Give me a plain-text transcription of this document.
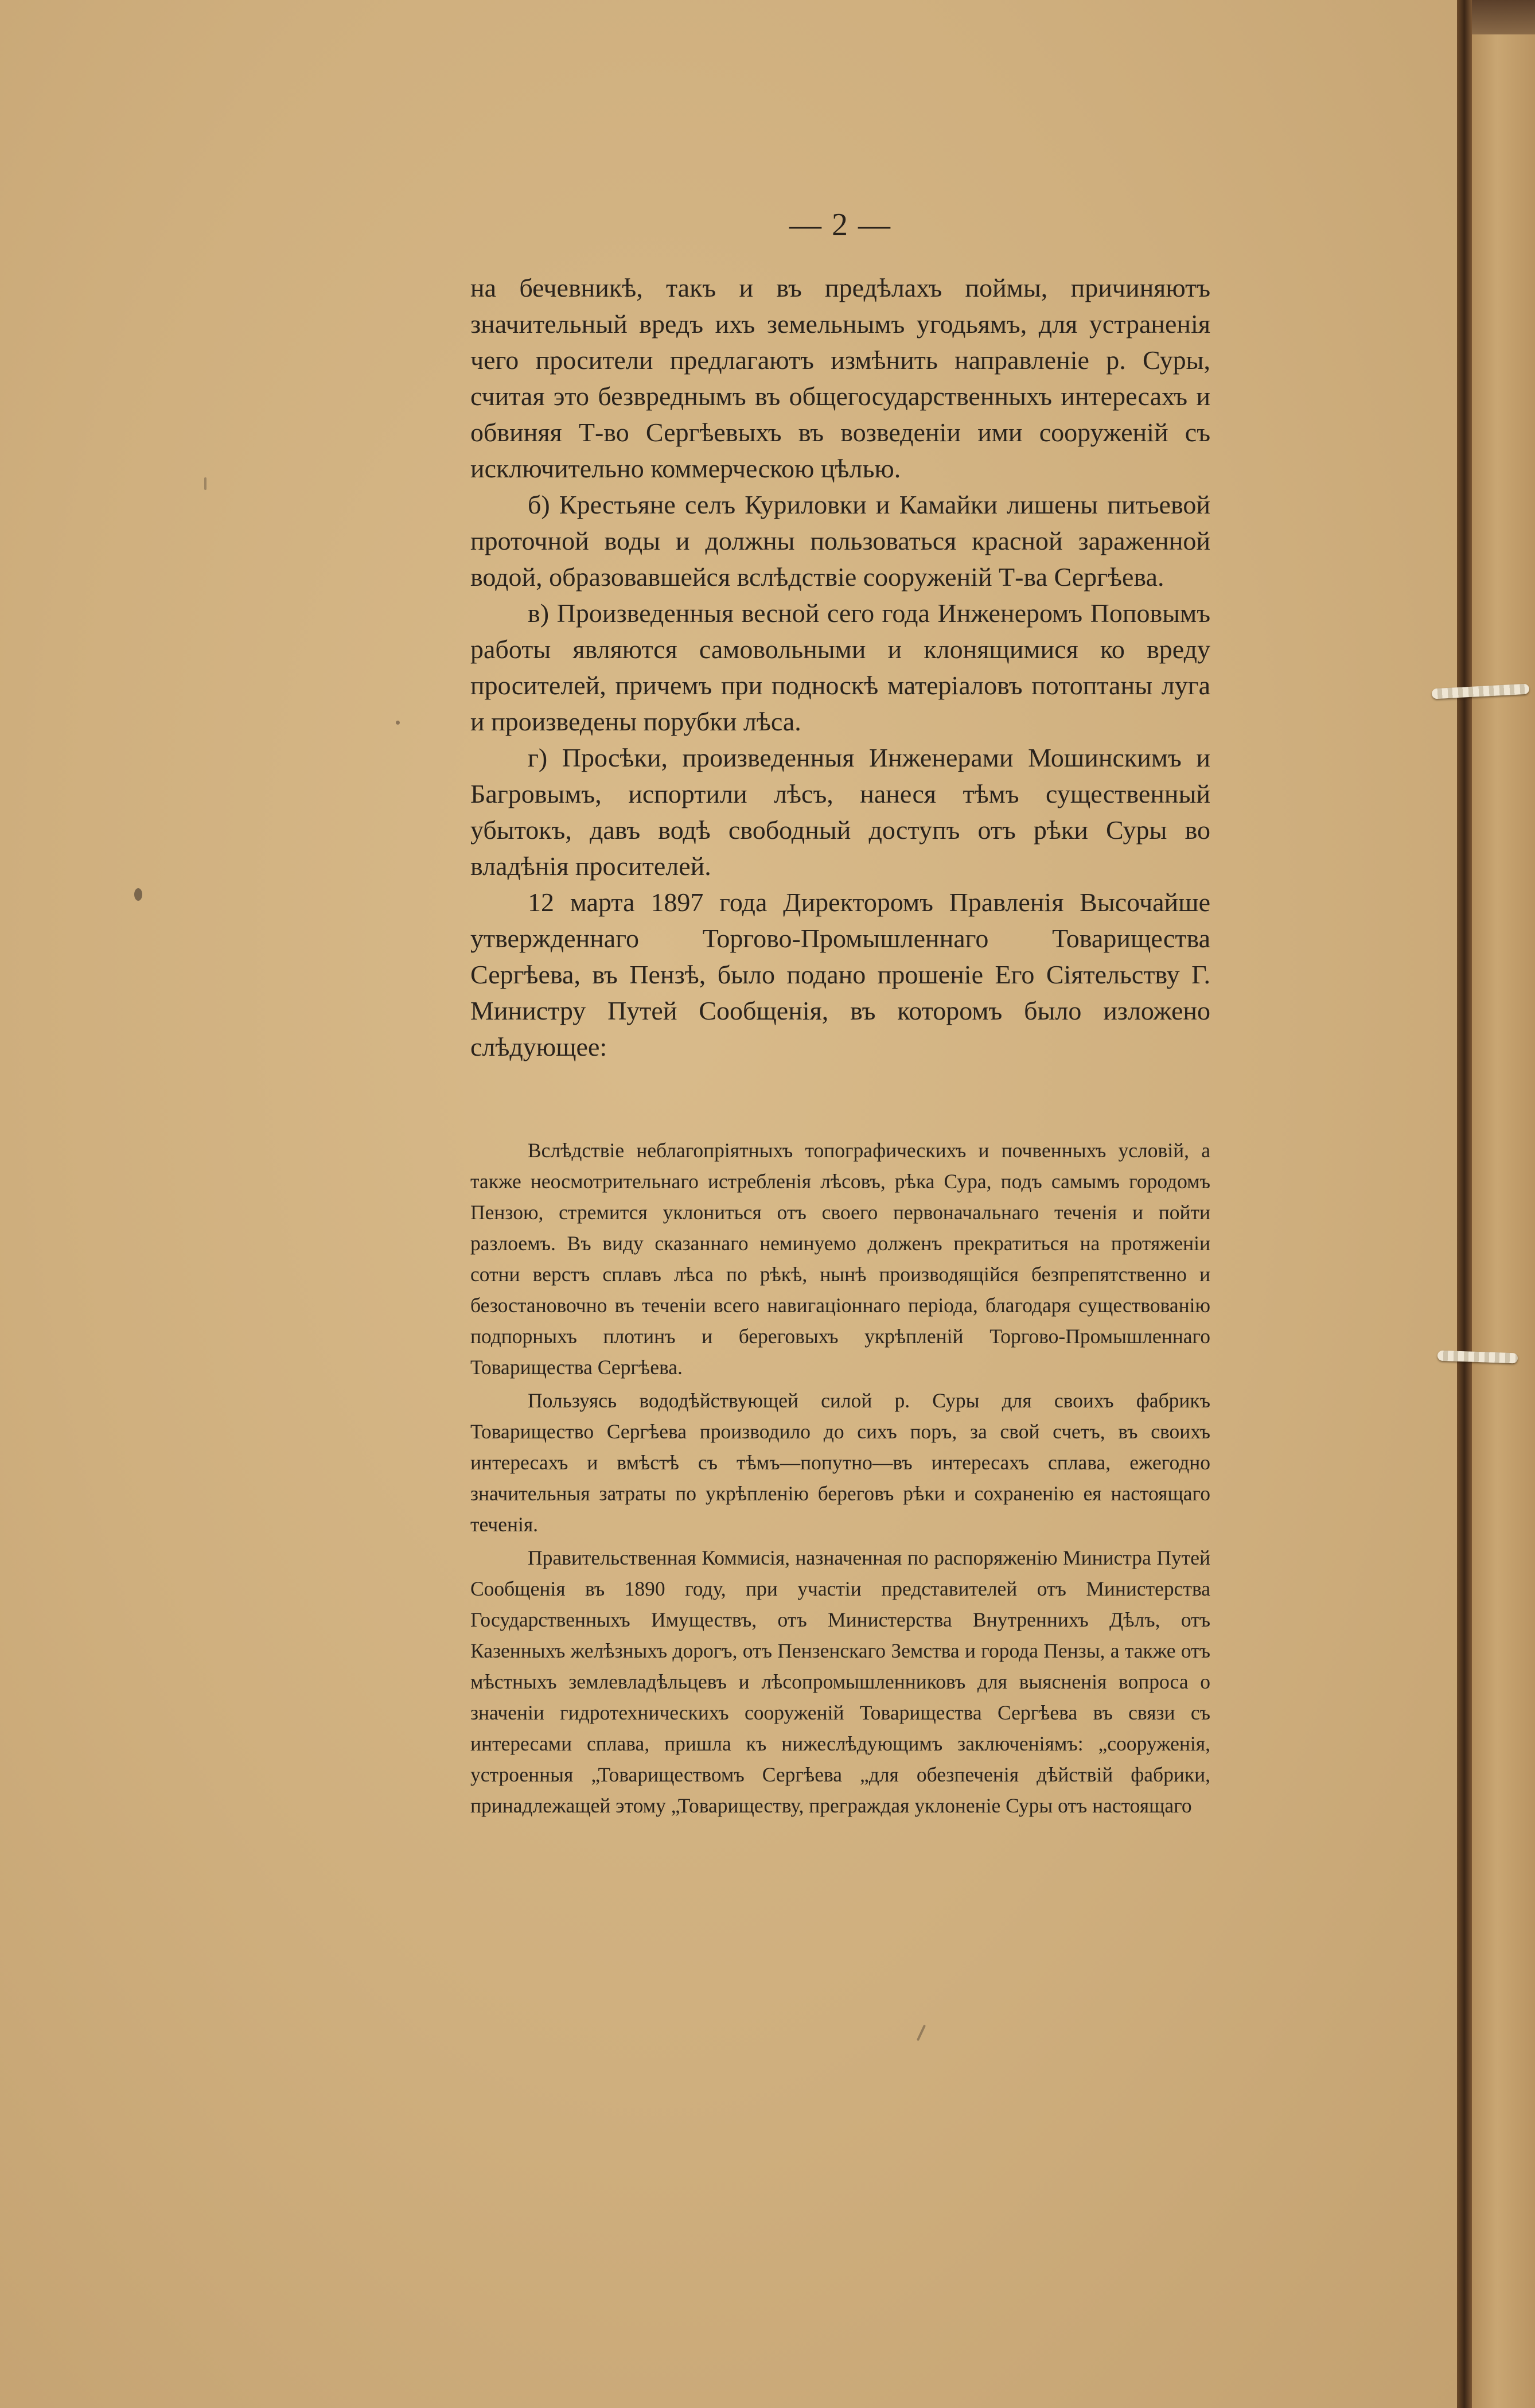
— 2 —

на бечевникѣ, такъ и въ предѣлахъ поймы, причиняютъ значительный вредъ ихъ земельнымъ угодьямъ, для устраненія чего просители предлагаютъ измѣнить направленіе р. Суры, считая это безвреднымъ въ общегосударственныхъ интересахъ и обвиняя Т-во Сергѣевыхъ въ возведеніи ими сооруженій съ исключительно коммерческою цѣлью.

б) Крестьяне селъ Куриловки и Камайки лишены питьевой проточной воды и должны пользоваться красной зараженной водой, образовавшейся вслѣдствіе сооруженій Т-ва Сергѣева.

в) Произведенныя весной сего года Инженеромъ Поповымъ работы являются самовольными и клонящимися ко вреду просителей, причемъ при подноскѣ матеріаловъ потоптаны луга и произведены порубки лѣса.

г) Просѣки, произведенныя Инженерами Мошинскимъ и Багровымъ, испортили лѣсъ, нанеся тѣмъ существенный убытокъ, давъ водѣ свободный доступъ отъ рѣки Суры во владѣнія просителей.

12 марта 1897 года Директоромъ Правленія Высочайше утвержденнаго Торгово-Промышленнаго Товарищества Сергѣева, въ Пензѣ, было подано прошеніе Его Сіятельству Г. Министру Путей Сообщенія, въ которомъ было изложено слѣдующее:

Вслѣдствіе неблагопріятныхъ топографическихъ и почвенныхъ условій, а также неосмотрительнаго истребленія лѣсовъ, рѣка Сура, подъ самымъ городомъ Пензою, стремится уклониться отъ своего первоначальнаго теченія и пойти разлоемъ. Въ виду сказаннаго неминуемо долженъ прекратиться на протяженіи сотни верстъ сплавъ лѣса по рѣкѣ, нынѣ производящійся безпрепятственно и безостановочно въ теченіи всего навигаціоннаго періода, благодаря существованію подпорныхъ плотинъ и береговыхъ укрѣпленій Торгово-Промышленнаго Товарищества Сергѣева.

Пользуясь вододѣйствующей силой р. Суры для своихъ фабрикъ Товарищество Сергѣева производило до сихъ поръ, за свой счетъ, въ своихъ интересахъ и вмѣстѣ съ тѣмъ—попутно—въ интересахъ сплава, ежегодно значительныя затраты по укрѣпленію береговъ рѣки и сохраненію ея настоящаго теченія.

Правительственная Коммисія, назначенная по распоряженію Министра Путей Сообщенія въ 1890 году, при участіи представителей отъ Министерства Государственныхъ Имуществъ, отъ Министерства Внутреннихъ Дѣлъ, отъ Казенныхъ желѣзныхъ дорогъ, отъ Пензенскаго Земства и города Пензы, а также отъ мѣстныхъ землевладѣльцевъ и лѣсопромышленниковъ для выясненія вопроса о значеніи гидротехническихъ сооруженій Товарищества Сергѣева въ связи съ интересами сплава, пришла къ нижеслѣдующимъ заключеніямъ: „сооруженія, устроенныя „Товариществомъ Сергѣева „для обезпеченія дѣйствій фабрики, принадлежащей этому „Товариществу, преграждая уклоненіе Суры отъ настоящаго
